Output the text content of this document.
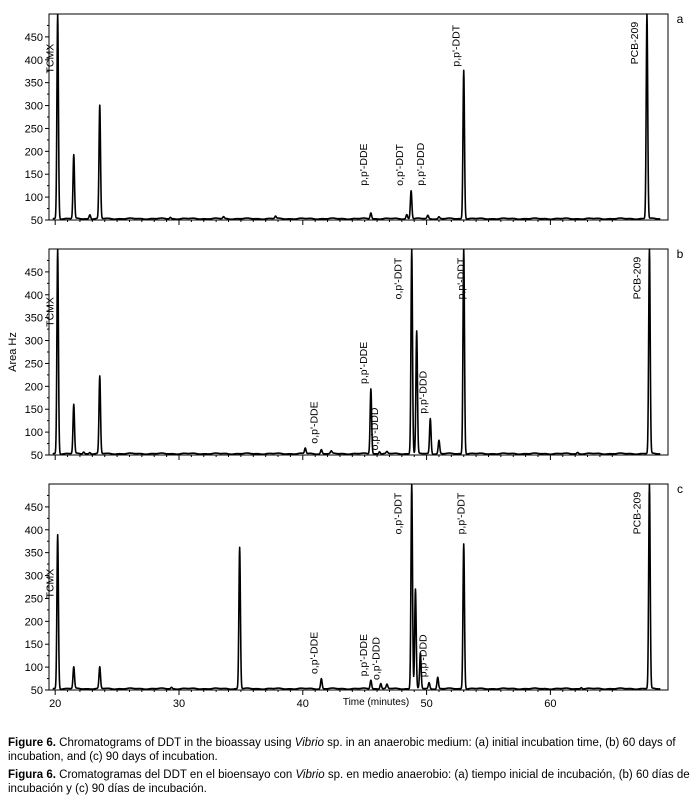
50
100
150
200
250
300
350
400
450
a
TCMX
p,p'-DDE o,p'-DDT p,p'-DDD
p,p'-DDT	PCB-209
50
100
150
200
250
300
350
400
450
Area Hz
b
TCMX
o,p'-DDE
p,p'-DDE
o,p'-DDD
o,p'-DDT
p,p'-DDD
p,p'-DDT	PCB-209
50
100
150
200
250
300
350
400
450
20	30	40	50	60
Time (minutes)
c
TCMX
o,p'-DDE	p,p'-DDE o,p'-DDD
o,p'-DDT
p,p'-DDD
p,p'-DDT	PCB-209
Figure 6. Chromatograms of DDT in the bioassay using Vibrio sp. in an anaerobic medium: (a) initial incubation time, (b) 60 days of incubation, and (c) 90 days of incubation.
Figura 6. Cromatogramas del DDT en el bioensayo con Vibrio sp. en medio anaerobio: (a) tiempo inicial de incubación, (b) 60 días de incubación y (c) 90 días de incubación.
